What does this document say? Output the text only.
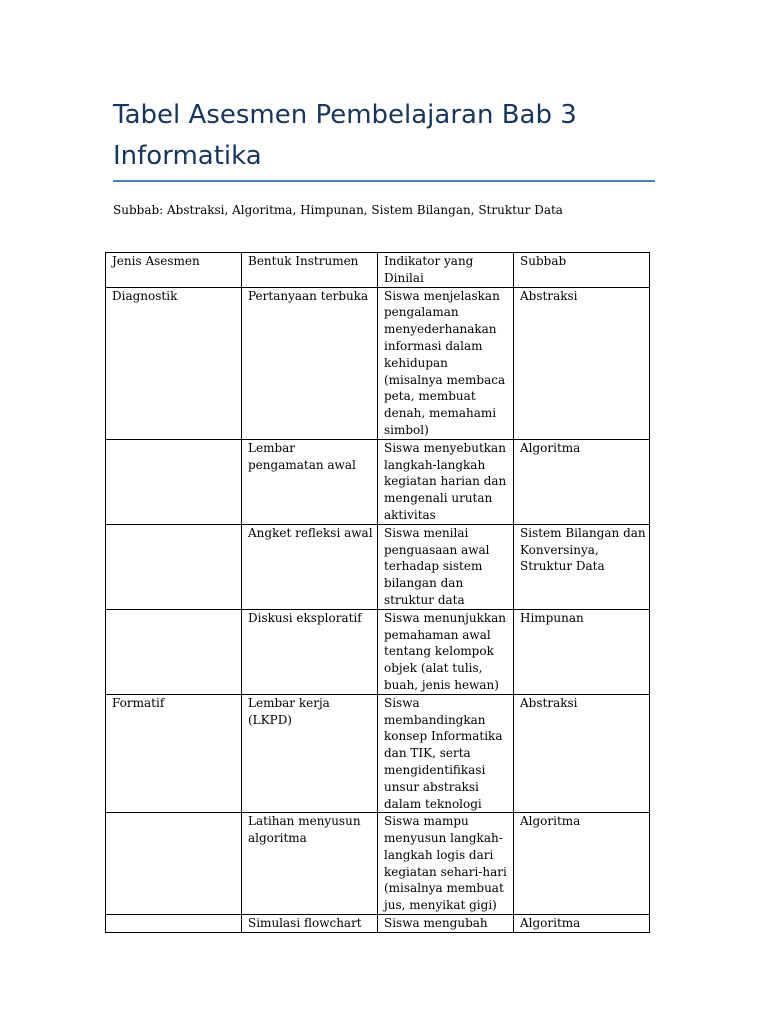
Tabel Asesmen Pembelajaran Bab 3 Informatika

Subbab: Abstraksi, Algoritma, Himpunan, Sistem Bilangan, Struktur Data

Jenis Asesmen	Bentuk Instrumen	Indikator yang Dinilai	Subbab
Diagnostik	Pertanyaan terbuka	Siswa menjelaskan pengalaman menyederhanakan informasi dalam kehidupan (misalnya membaca peta, membuat denah, memahami simbol)	Abstraksi
	Lembar pengamatan awal	Siswa menyebutkan langkah-langkah kegiatan harian dan mengenali urutan aktivitas	Algoritma
	Angket refleksi awal	Siswa menilai penguasaan awal terhadap sistem bilangan dan struktur data	Sistem Bilangan dan Konversinya, Struktur Data
	Diskusi eksploratif	Siswa menunjukkan pemahaman awal tentang kelompok objek (alat tulis, buah, jenis hewan)	Himpunan
Formatif	Lembar kerja (LKPD)	Siswa membandingkan konsep Informatika dan TIK, serta mengidentifikasi unsur abstraksi dalam teknologi	Abstraksi
	Latihan menyusun algoritma	Siswa mampu menyusun langkah-langkah logis dari kegiatan sehari-hari (misalnya membuat jus, menyikat gigi)	Algoritma
	Simulasi flowchart	Siswa mengubah	Algoritma
